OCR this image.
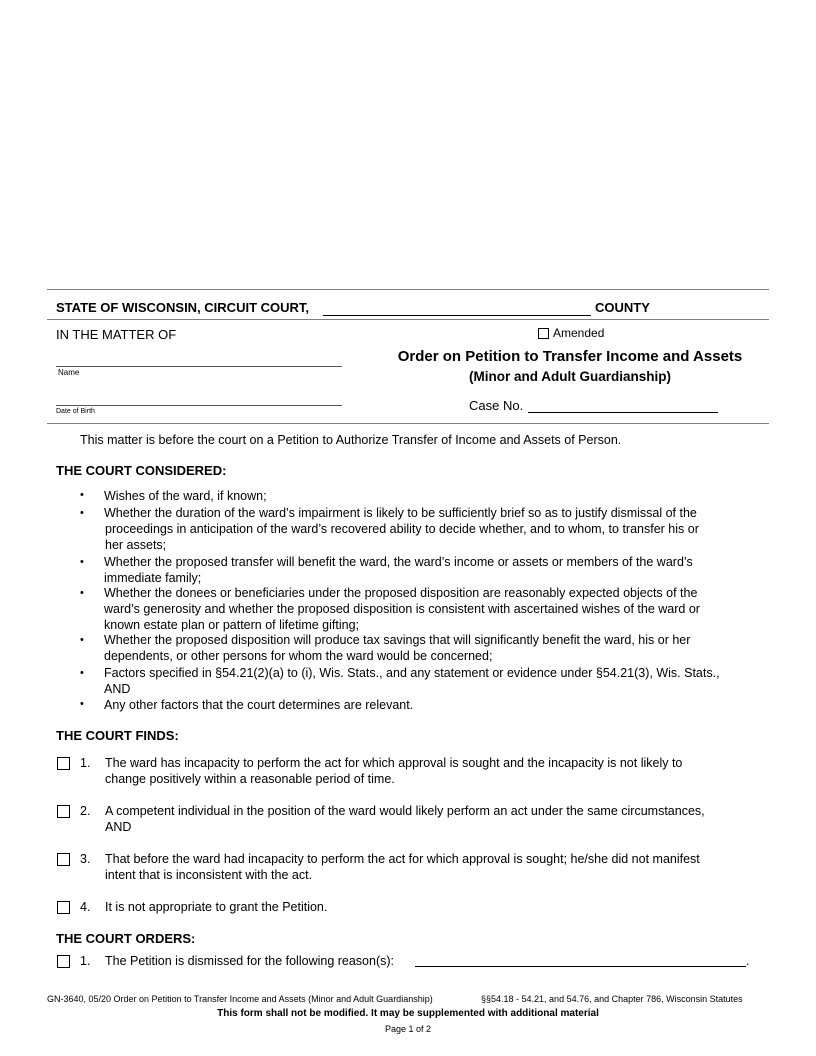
STATE OF WISCONSIN, CIRCUIT COURT,	COUNTY
IN THE MATTER OF	Amended
Order on Petition to Transfer Income and Assets
(Minor and Adult Guardianship)
Name
Date of Birth	Case No.
This matter is before the court on a Petition to Authorize Transfer of Income and Assets of Person.
THE COURT CONSIDERED:
• Wishes of the ward, if known;
• Whether the duration of the ward’s impairment is likely to be sufficiently brief so as to justify dismissal of the
proceedings in anticipation of the ward’s recovered ability to decide whether, and to whom, to transfer his or
her assets;
• Whether the proposed transfer will benefit the ward, the ward’s income or assets or members of the ward’s
immediate family;
• Whether the donees or beneficiaries under the proposed disposition are reasonably expected objects of the
ward’s generosity and whether the proposed disposition is consistent with ascertained wishes of the ward or
known estate plan or pattern of lifetime gifting;
• Whether the proposed disposition will produce tax savings that will significantly benefit the ward, his or her
dependents, or other persons for whom the ward would be concerned;
• Factors specified in §54.21(2)(a) to (i), Wis. Stats., and any statement or evidence under §54.21(3), Wis. Stats.,
AND
• Any other factors that the court determines are relevant.
THE COURT FINDS:
1. The ward has incapacity to perform the act for which approval is sought and the incapacity is not likely to
change positively within a reasonable period of time.
2. A competent individual in the position of the ward would likely perform an act under the same circumstances,
AND
3. That before the ward had incapacity to perform the act for which approval is sought; he/she did not manifest
intent that is inconsistent with the act.
4. It is not appropriate to grant the Petition.
THE COURT ORDERS:
1. The Petition is dismissed for the following reason(s):	.
GN-3640, 05/20 Order on Petition to Transfer Income and Assets (Minor and Adult Guardianship)	§§54.18 - 54.21, and 54.76, and Chapter 786, Wisconsin Statutes
This form shall not be modified. It may be supplemented with additional material
Page 1 of 2
